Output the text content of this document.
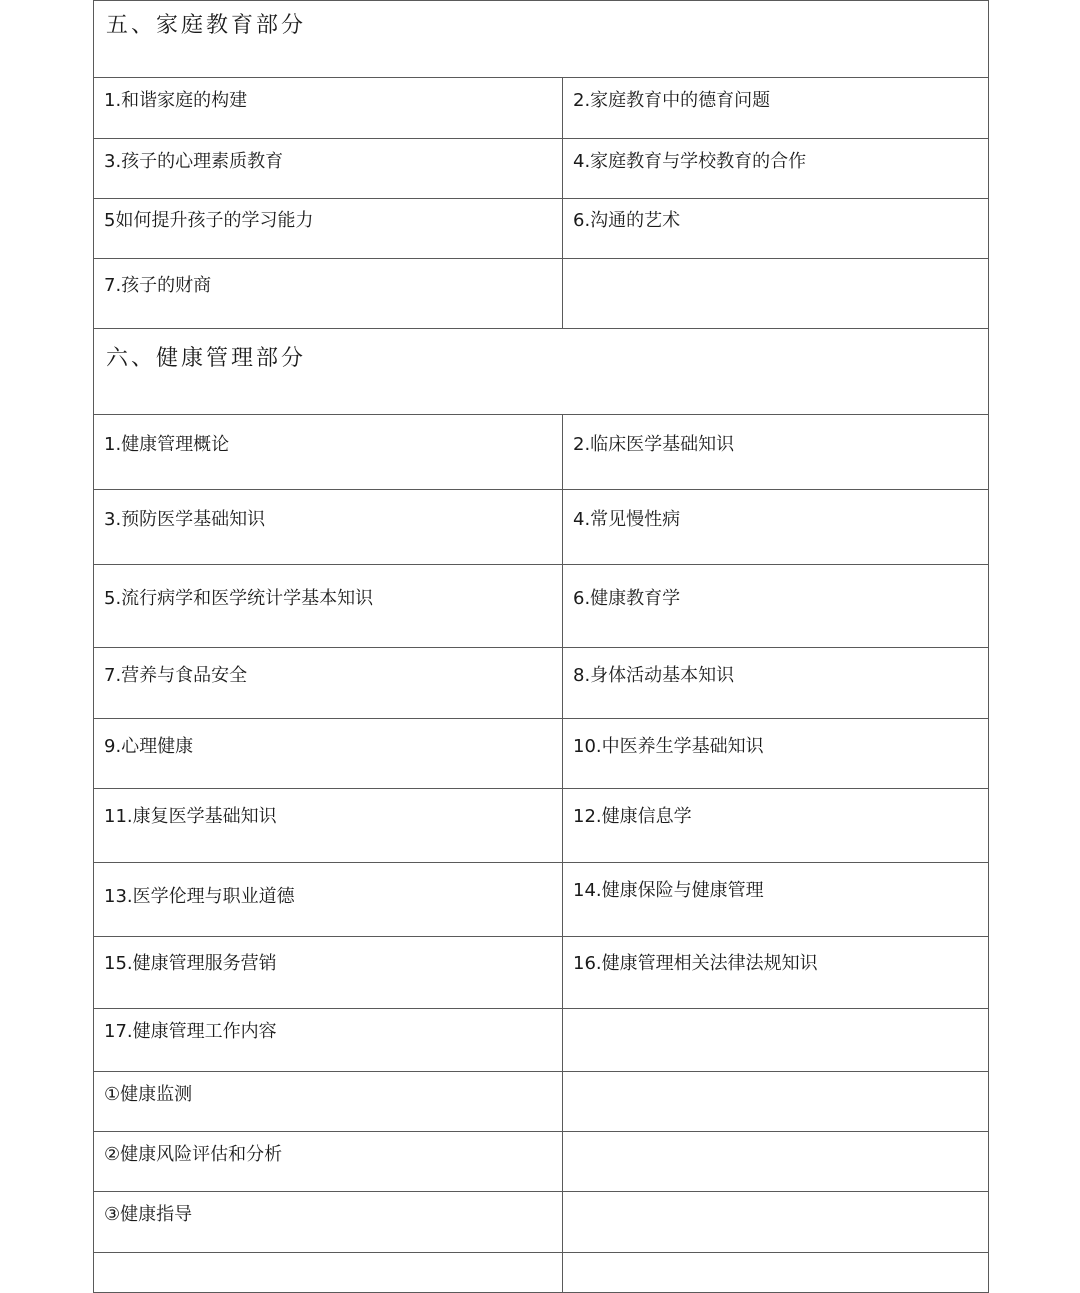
五、家庭教育部分	

1.和谐家庭的构建	2.家庭教育中的德育问题

3.孩子的心理素质教育	4.家庭教育与学校教育的合作

5如何提升孩子的学习能力	6.沟通的艺术

7.孩子的财商	

六、健康管理部分	

1.健康管理概论	2.临床医学基础知识

3.预防医学基础知识	4.常见慢性病

5.流行病学和医学统计学基本知识	6.健康教育学

7.营养与食品安全	8.身体活动基本知识

9.心理健康	10.中医养生学基础知识

11.康复医学基础知识	12.健康信息学

13.医学伦理与职业道德	14.健康保险与健康管理

15.健康管理服务营销	16.健康管理相关法律法规知识

17.健康管理工作内容	

①健康监测	

②健康风险评估和分析	

③健康指导	
